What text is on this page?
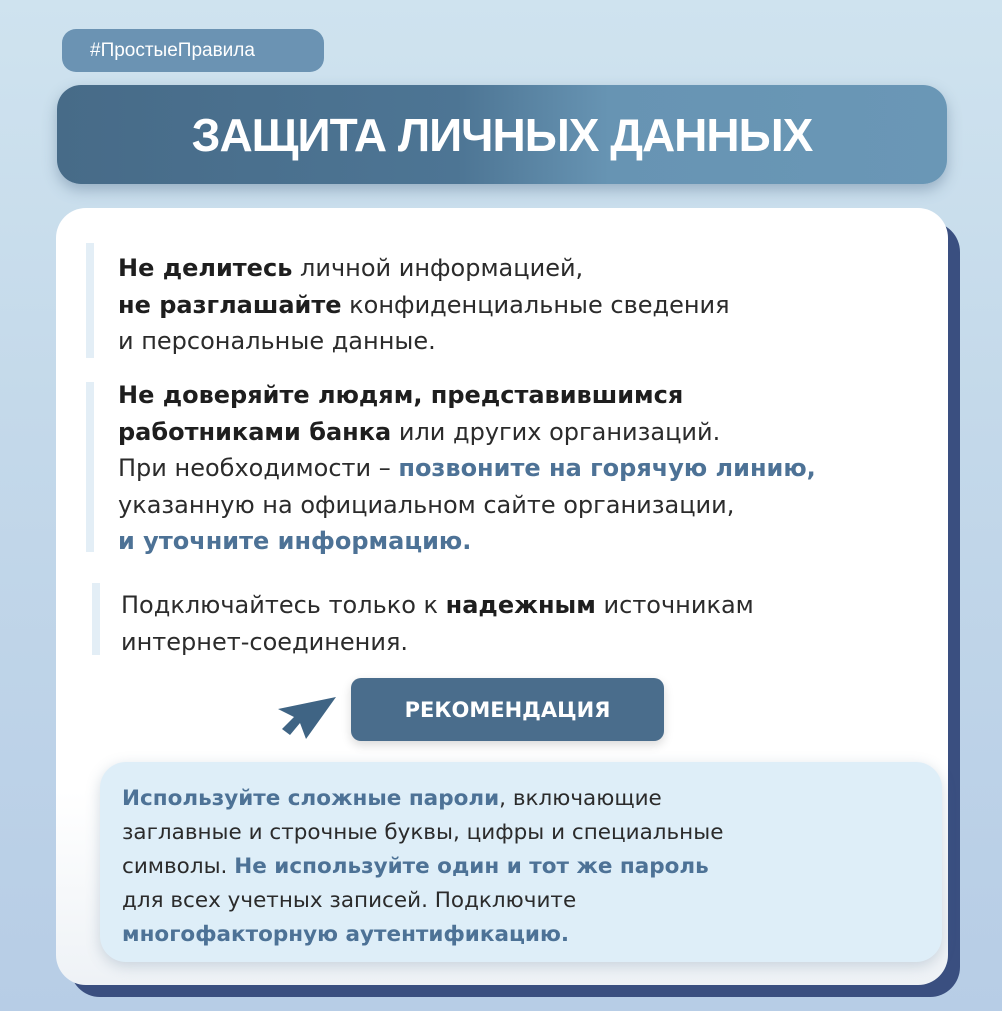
#ПростыеПравила
ЗАЩИТА ЛИЧНЫХ ДАННЫХ
Не делитесь личной информацией,
не разглашайте конфиденциальные сведения
и персональные данные.
Не доверяйте людям, представившимся
работниками банка или других организаций.
При необходимости – позвоните на горячую линию,
указанную на официальном сайте организации,
и уточните информацию.
Подключайтесь только к надежным источникам
интернет-соединения.
РЕКОМЕНДАЦИЯ
Используйте сложные пароли, включающие
заглавные и строчные буквы, цифры и специальные
символы. Не используйте один и тот же пароль
для всех учетных записей. Подключите
многофакторную аутентификацию.
